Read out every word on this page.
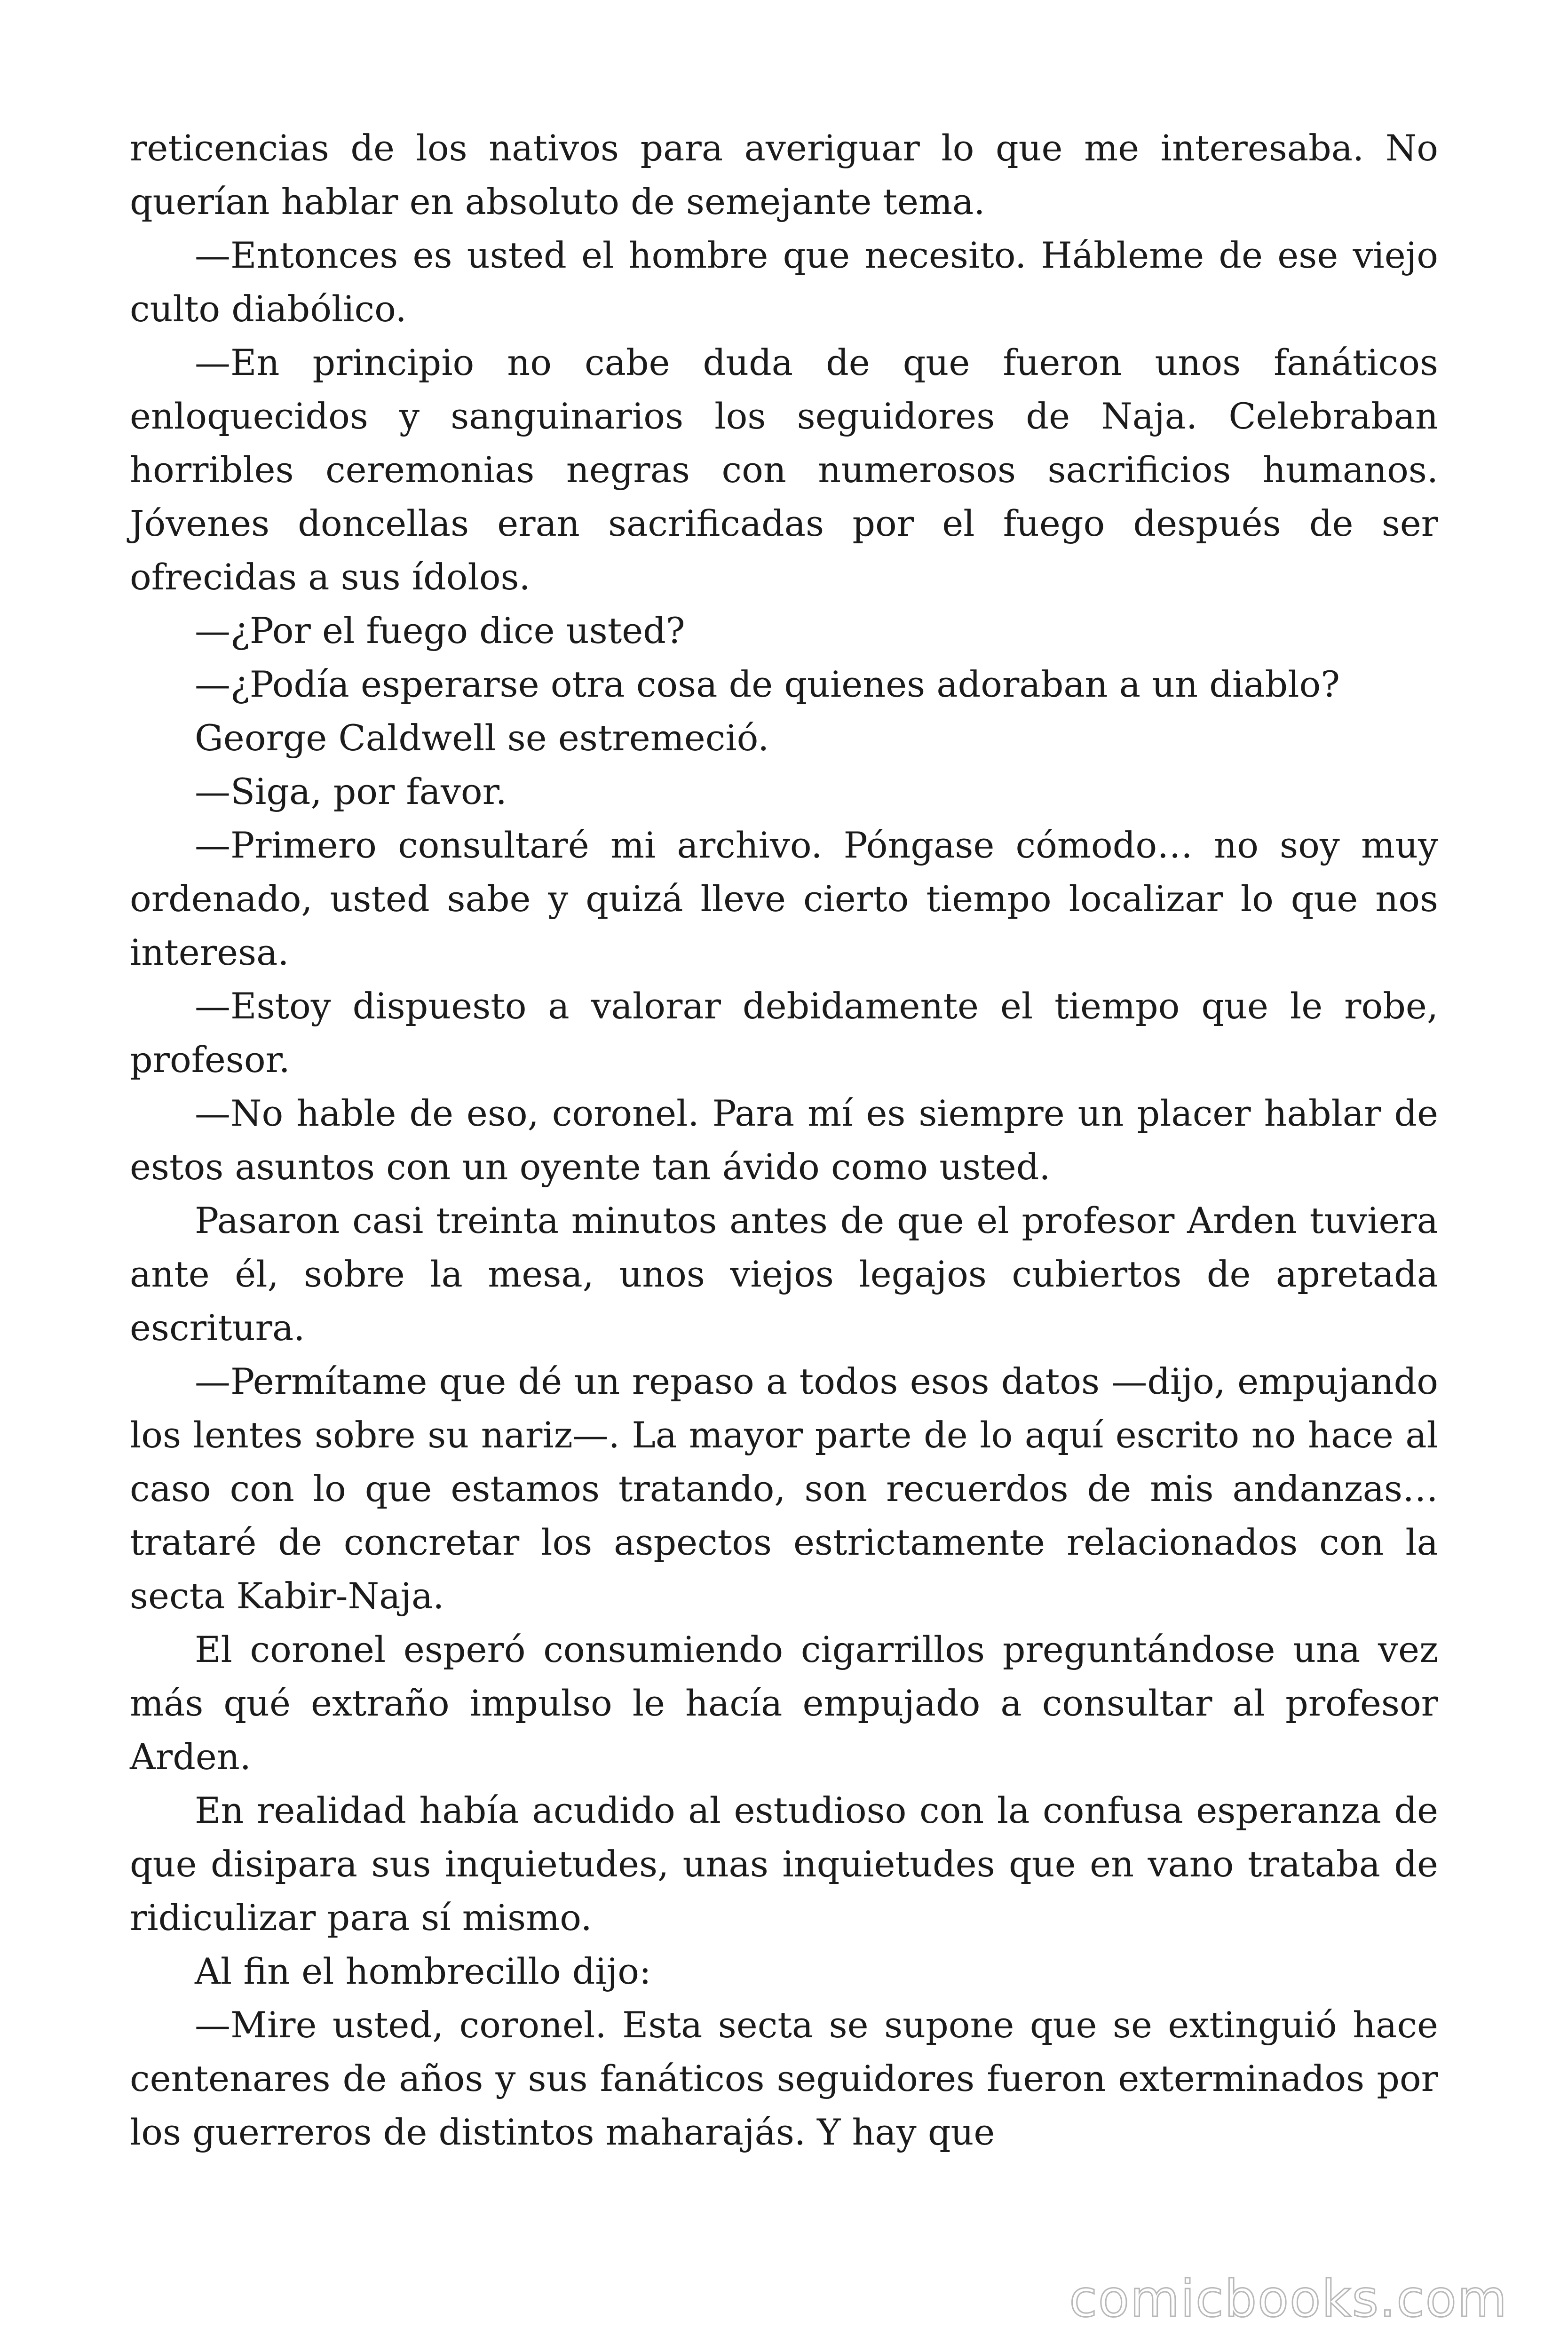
reticencias de los nativos para averiguar lo que me interesaba. No querían hablar en absoluto de semejante tema.

—Entonces es usted el hombre que necesito. Hábleme de ese viejo culto diabólico.

—En principio no cabe duda de que fueron unos fanáticos enloquecidos y sanguinarios los seguidores de Naja. Celebraban horribles ceremonias negras con numerosos sacrificios humanos. Jóvenes doncellas eran sacrificadas por el fuego después de ser ofrecidas a sus ídolos.

—¿Por el fuego dice usted?

—¿Podía esperarse otra cosa de quienes adoraban a un diablo?

George Caldwell se estremeció.

—Siga, por favor.

—Primero consultaré mi archivo. Póngase cómodo… no soy muy ordenado, usted sabe y quizá lleve cierto tiempo localizar lo que nos interesa.

—Estoy dispuesto a valorar debidamente el tiempo que le robe, profesor.

—No hable de eso, coronel. Para mí es siempre un placer hablar de estos asuntos con un oyente tan ávido como usted.

Pasaron casi treinta minutos antes de que el profesor Arden tuviera ante él, sobre la mesa, unos viejos legajos cubiertos de apretada escritura.

—Permítame que dé un repaso a todos esos datos —dijo, empujando los lentes sobre su nariz—. La mayor parte de lo aquí escrito no hace al caso con lo que estamos tratando, son recuerdos de mis andanzas… trataré de concretar los aspectos estrictamente relacionados con la secta Kabir-Naja.

El coronel esperó consumiendo cigarrillos preguntándose una vez más qué extraño impulso le hacía empujado a consultar al profesor Arden.

En realidad había acudido al estudioso con la confusa esperanza de que disipara sus inquietudes, unas inquietudes que en vano trataba de ridiculizar para sí mismo.

Al fin el hombrecillo dijo:

—Mire usted, coronel. Esta secta se supone que se extinguió hace centenares de años y sus fanáticos seguidores fueron exterminados por los guerreros de distintos maharajás. Y hay que

comicbooks.com
